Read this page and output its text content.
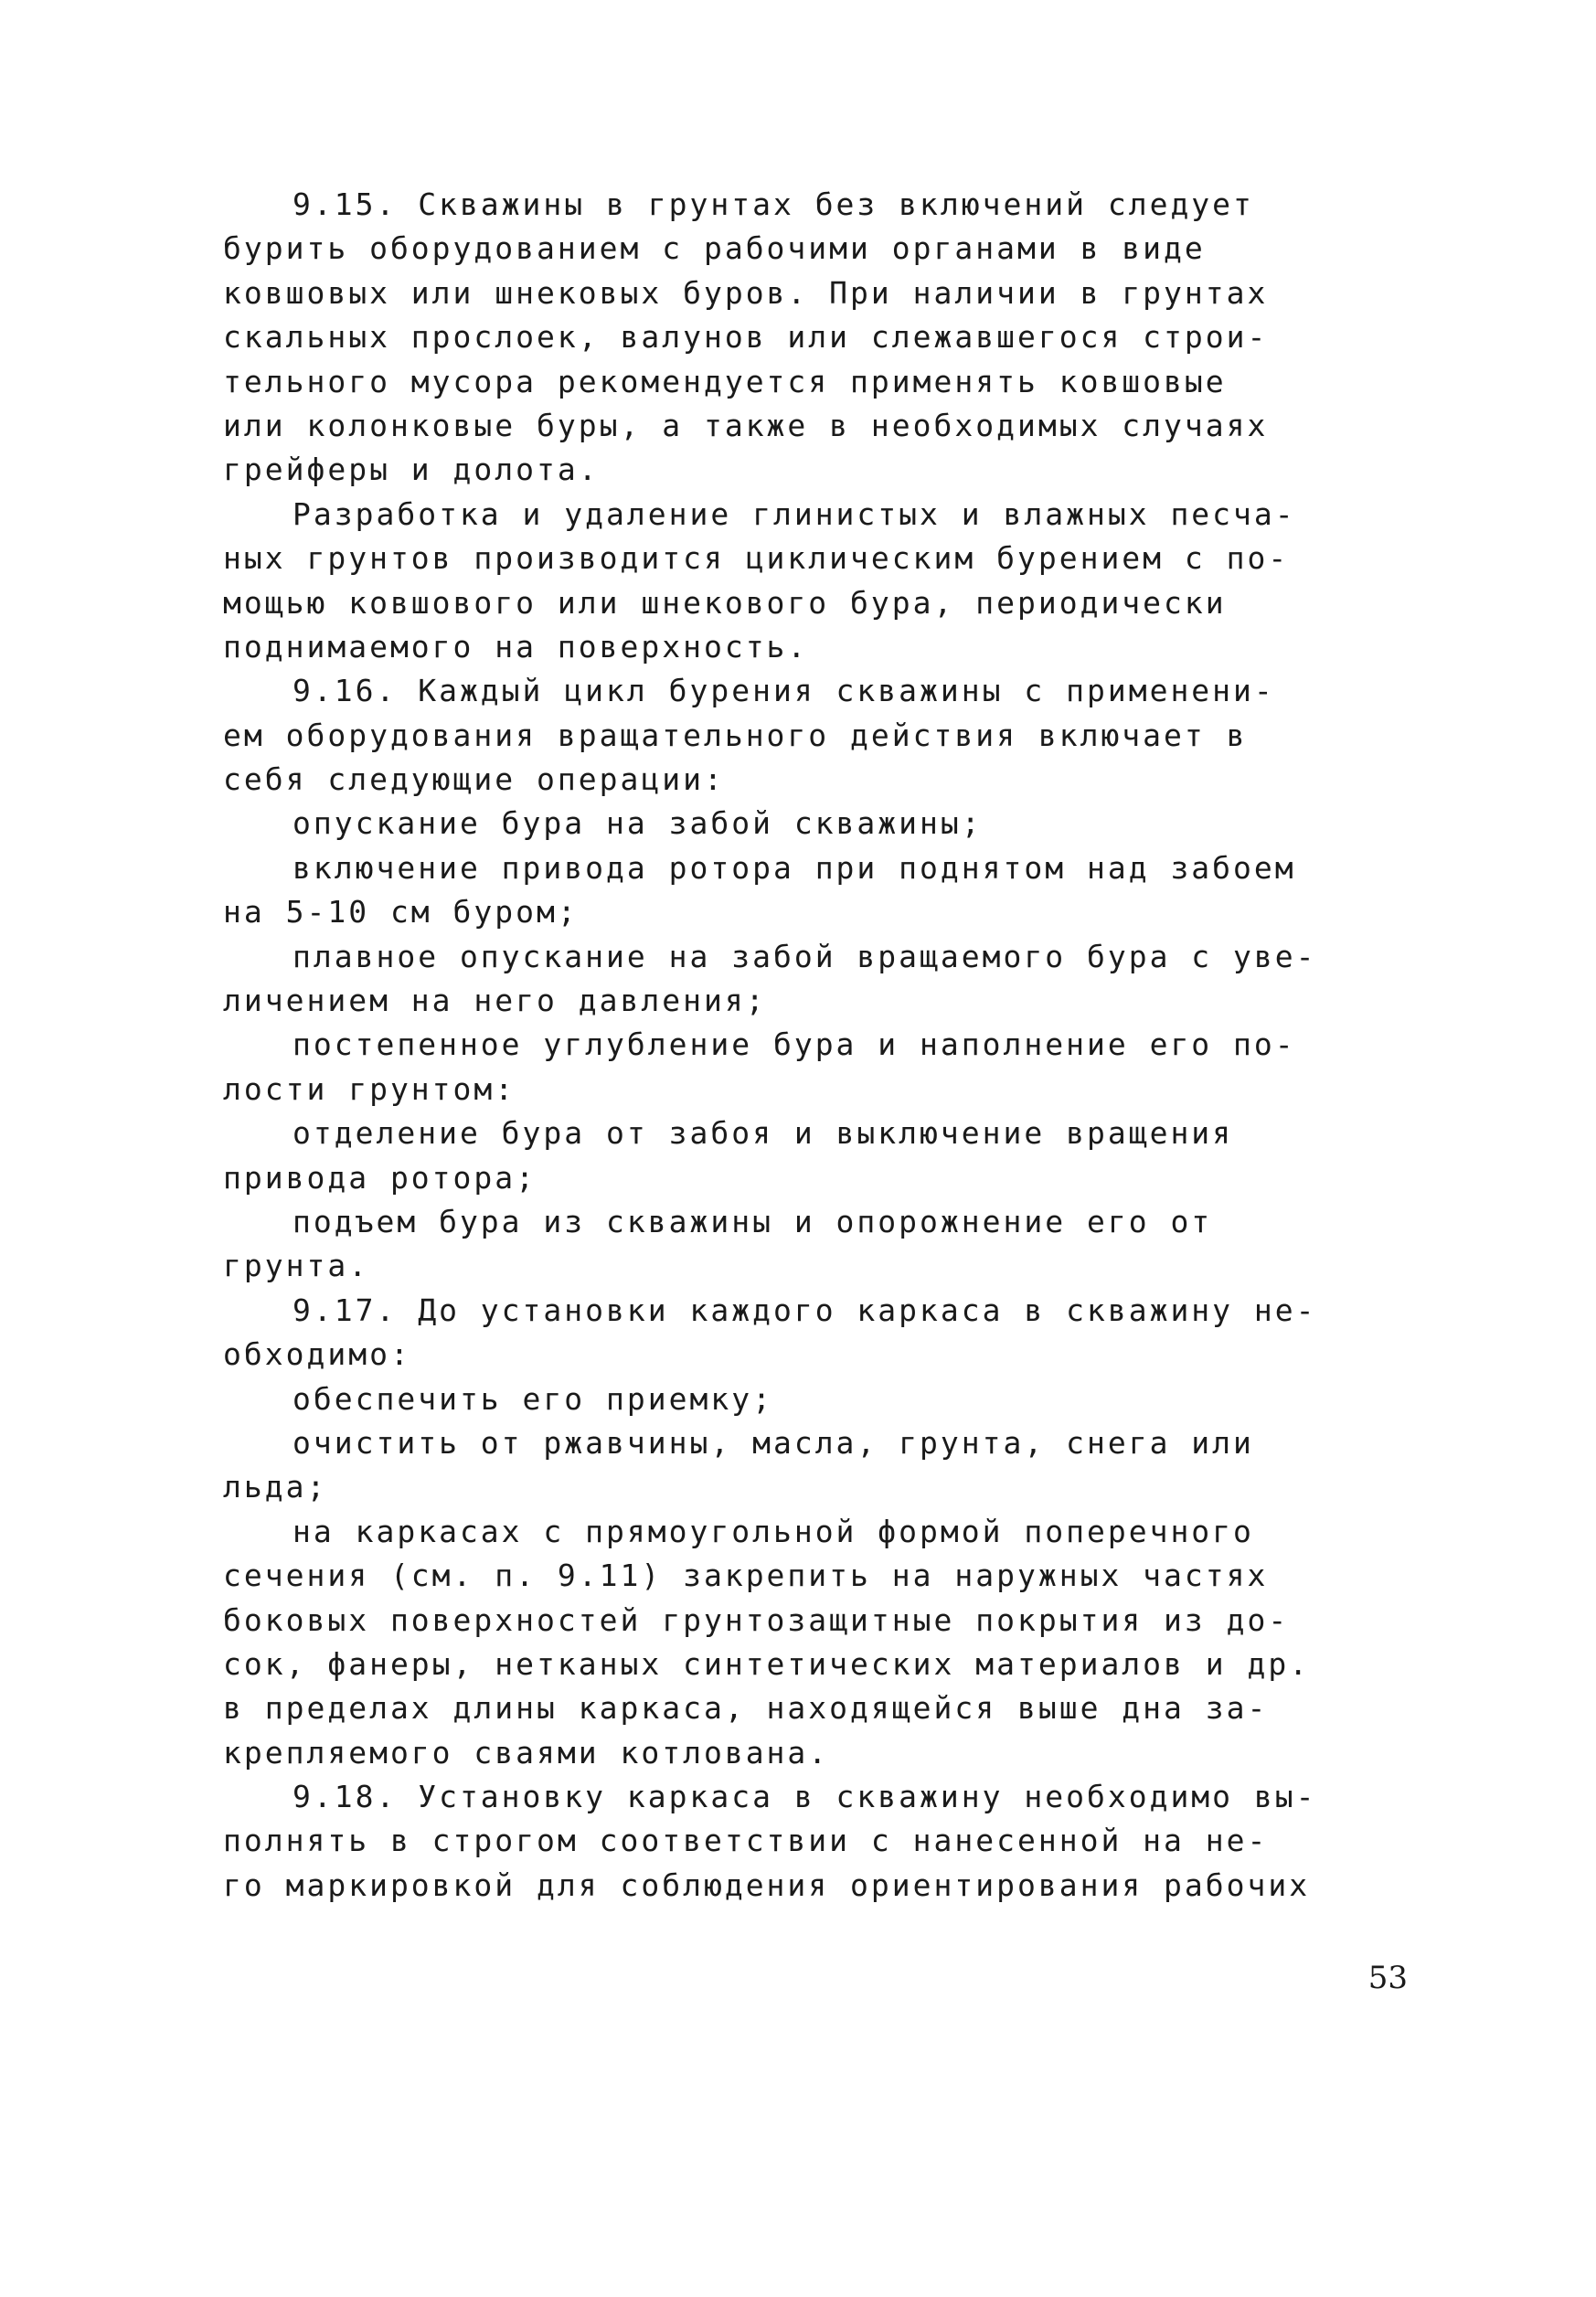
9.15. Скважины в грунтах без включений следует
бурить оборудованием с рабочими органами в виде
ковшовых или шнековых буров. При наличии в грунтах
скальных прослоек, валунов или слежавшегося строи-
тельного мусора рекомендуется применять ковшовые
или колонковые буры, а также в необходимых случаях
грейферы и долота.
Разработка и удаление глинистых и влажных песча-
ных грунтов производится циклическим бурением с по-
мощью ковшового или шнекового бура, периодически
поднимаемого на поверхность.
9.16. Каждый цикл бурения скважины с применени-
ем оборудования вращательного действия включает в
себя следующие операции:
опускание бура на забой скважины;
включение привода ротора при поднятом над забоем
на 5-10 см буром;
плавное опускание на забой вращаемого бура с уве-
личением на него давления;
постепенное углубление бура и наполнение его по-
лости грунтом:
отделение бура от забоя и выключение вращения
привода ротора;
подъем бура из скважины и опорожнение его от
грунта.
9.17. До установки каждого каркаса в скважину не-
обходимо:
обеспечить его приемку;
очистить от ржавчины, масла, грунта, снега или
льда;
на каркасах с прямоугольной формой поперечного
сечения (см. п. 9.11) закрепить на наружных частях
боковых поверхностей грунтозащитные покрытия из до-
сок, фанеры, нетканых синтетических материалов и др.
в пределах длины каркаса, находящейся выше дна за-
крепляемого сваями котлована.
9.18. Установку каркаса в скважину необходимо вы-
полнять в строгом соответствии с нанесенной на не-
го маркировкой для соблюдения ориентирования рабочих
53
